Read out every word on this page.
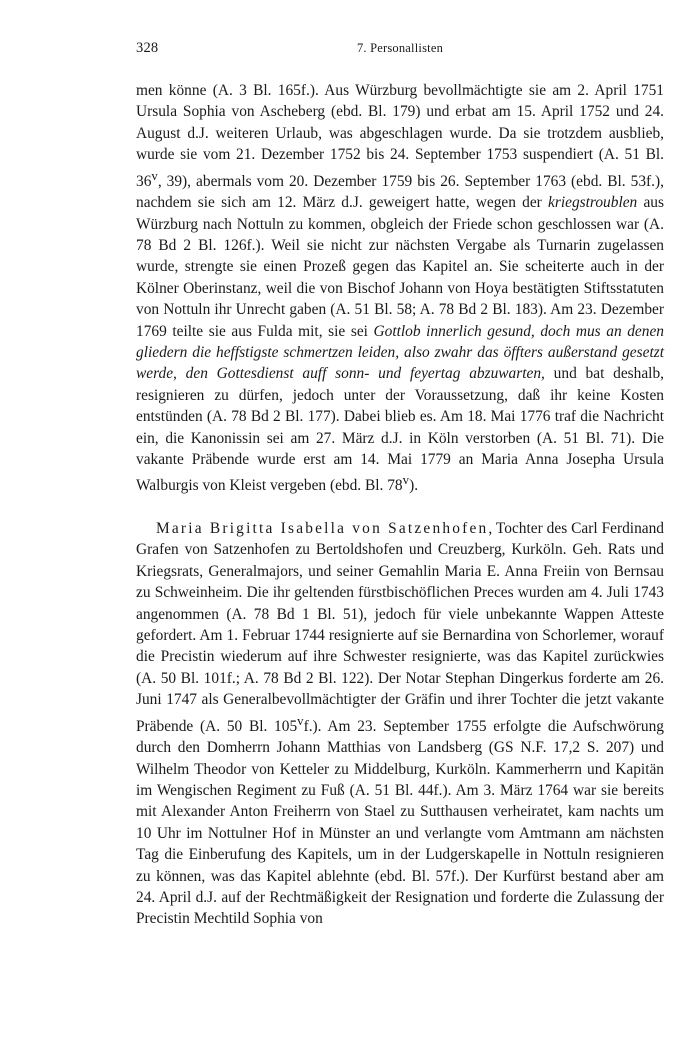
328	7. Personallisten

men könne (A. 3 Bl. 165f.). Aus Würzburg bevollmächtigte sie am 2. April 1751 Ursula Sophia von Ascheberg (ebd. Bl. 179) und erbat am 15. April 1752 und 24. August d.J. weiteren Urlaub, was abgeschlagen wurde. Da sie trotzdem ausblieb, wurde sie vom 21. Dezember 1752 bis 24. September 1753 suspendiert (A. 51 Bl. 36$^v$, 39), abermals vom 20. Dezember 1759 bis 26. September 1763 (ebd. Bl. 53f.), nachdem sie sich am 12. März d.J. geweigert hatte, wegen der kriegstroublen aus Würzburg nach Nottuln zu kommen, obgleich der Friede schon geschlossen war (A. 78 Bd 2 Bl. 126f.). Weil sie nicht zur nächsten Vergabe als Turnarin zugelassen wurde, strengte sie einen Prozeß gegen das Kapitel an. Sie scheiterte auch in der Kölner Oberinstanz, weil die von Bischof Johann von Hoya bestätigten Stiftsstatuten von Nottuln ihr Unrecht gaben (A. 51 Bl. 58; A. 78 Bd 2 Bl. 183). Am 23. Dezember 1769 teilte sie aus Fulda mit, sie sei Gottlob innerlich gesund, doch mus an denen gliedern die heffstigste schmertzen leiden, also zwahr das öffters außerstand gesetzt werde, den Gottesdienst auff sonn- und feyertag abzuwarten, und bat deshalb, resignieren zu dürfen, jedoch unter der Voraussetzung, daß ihr keine Kosten entstünden (A. 78 Bd 2 Bl. 177). Dabei blieb es. Am 18. Mai 1776 traf die Nachricht ein, die Kanonissin sei am 27. März d.J. in Köln verstorben (A. 51 Bl. 71). Die vakante Präbende wurde erst am 14. Mai 1779 an Maria Anna Josepha Ursula Walburgis von Kleist vergeben (ebd. Bl. 78$^v$).

Maria Brigitta Isabella von Satzenhofen, Tochter des Carl Ferdinand Grafen von Satzenhofen zu Bertoldshofen und Creuzberg, Kurköln. Geh. Rats und Kriegsrats, Generalmajors, und seiner Gemahlin Maria E. Anna Freiin von Bernsau zu Schweinheim. Die ihr geltenden fürstbischöflichen Preces wurden am 4. Juli 1743 angenommen (A. 78 Bd 1 Bl. 51), jedoch für viele unbekannte Wappen Atteste gefordert. Am 1. Februar 1744 resignierte auf sie Bernardina von Schorlemer, worauf die Precistin wiederum auf ihre Schwester resignierte, was das Kapitel zurückwies (A. 50 Bl. 101f.; A. 78 Bd 2 Bl. 122). Der Notar Stephan Dingerkus forderte am 26. Juni 1747 als Generalbevollmächtigter der Gräfin und ihrer Tochter die jetzt vakante Präbende (A. 50 Bl. 105$^v$f.). Am 23. September 1755 erfolgte die Aufschwörung durch den Domherrn Johann Matthias von Landsberg (GS N.F. 17,2 S. 207) und Wilhelm Theodor von Ketteler zu Middelburg, Kurköln. Kammerherrn und Kapitän im Wengischen Regiment zu Fuß (A. 51 Bl. 44f.). Am 3. März 1764 war sie bereits mit Alexander Anton Freiherrn von Stael zu Sutthausen verheiratet, kam nachts um 10 Uhr im Nottulner Hof in Münster an und verlangte vom Amtmann am nächsten Tag die Einberufung des Kapitels, um in der Ludgerskapelle in Nottuln resignieren zu können, was das Kapitel ablehnte (ebd. Bl. 57f.). Der Kurfürst bestand aber am 24. April d.J. auf der Rechtmäßigkeit der Resignation und forderte die Zulassung der Precistin Mechtild Sophia von
